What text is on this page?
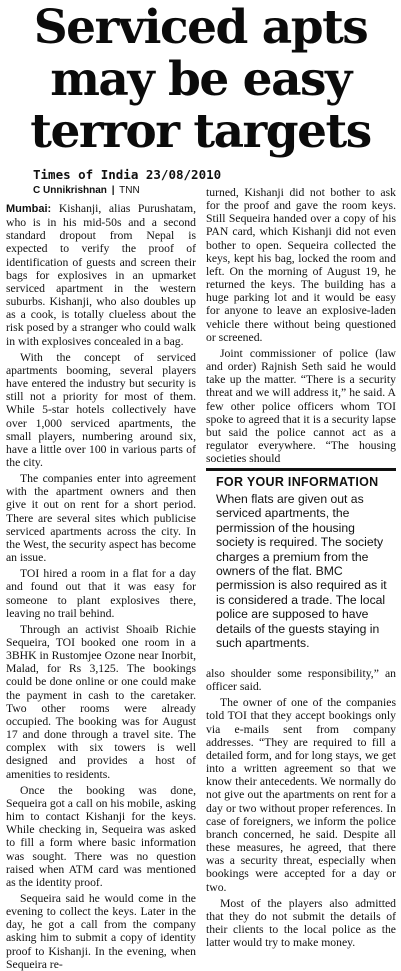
Serviced apts may be easy terror targets
Times of India 23/08/2010
C Unnikrishnan | TNN

Mumbai: Kishanji, alias Purushatam, who is in his mid-50s and a second standard dropout from Nepal is expected to verify the proof of identification of guests and screen their bags for explosives in an upmarket serviced apartment in the western suburbs. Kishanji, who also doubles up as a cook, is totally clueless about the risk posed by a stranger who could walk in with explosives concealed in a bag.

With the concept of serviced apartments booming, several players have entered the industry but security is still not a priority for most of them. While 5-star hotels collectively have over 1,000 serviced apartments, the small players, numbering around six, have a little over 100 in various parts of the city.

The companies enter into agreement with the apartment owners and then give it out on rent for a short period. There are several sites which publicise serviced apartments across the city. In the West, the security aspect has become an issue.

TOI hired a room in a flat for a day and found out that it was easy for someone to plant explosives there, leaving no trail behind.

Through an activist Shoaib Richie Sequeira, TOI booked one room in a 3BHK in Rustomjee Ozone near Inorbit, Malad, for Rs 3,125. The bookings could be done online or one could make the payment in cash to the caretaker. Two other rooms were already occupied. The booking was for August 17 and done through a travel site. The complex with six towers is well designed and provides a host of amenities to residents.

Once the booking was done, Sequeira got a call on his mobile, asking him to contact Kishanji for the keys. While checking in, Sequeira was asked to fill a form where basic information was sought. There was no question raised when ATM card was mentioned as the identity proof.

Sequeira said he would come in the evening to collect the keys. Later in the day, he got a call from the company asking him to submit a copy of identity proof to Kishanji. In the evening, when Sequeira re-

turned, Kishanji did not bother to ask for the proof and gave the room keys. Still Sequeira handed over a copy of his PAN card, which Kishanji did not even bother to open. Sequeira collected the keys, kept his bag, locked the room and left. On the morning of August 19, he returned the keys. The building has a huge parking lot and it would be easy for anyone to leave an explosive-laden vehicle there without being questioned or screened.

Joint commissioner of police (law and order) Rajnish Seth said he would take up the matter. “There is a security threat and we will address it,” he said. A few other police officers whom TOI spoke to agreed that it is a security lapse but said the police cannot act as a regulator everywhere. “The housing societies should

FOR YOUR INFORMATION

When flats are given out as serviced apartments, the permission of the housing society is required. The society charges a premium from the owners of the flat. BMC permission is also required as it is considered a trade. The local police are supposed to have details of the guests staying in such apartments.

also shoulder some responsibility,” an officer said.

The owner of one of the companies told TOI that they accept bookings only via e-mails sent from company addresses. “They are required to fill a detailed form, and for long stays, we get into a written agreement so that we know their antecedents. We normally do not give out the apartments on rent for a day or two without proper references. In case of foreigners, we inform the police branch concerned, he said. Despite all these measures, he agreed, that there was a security threat, especially when bookings were accepted for a day or two.

Most of the players also admitted that they do not submit the details of their clients to the local police as the latter would try to make money.
